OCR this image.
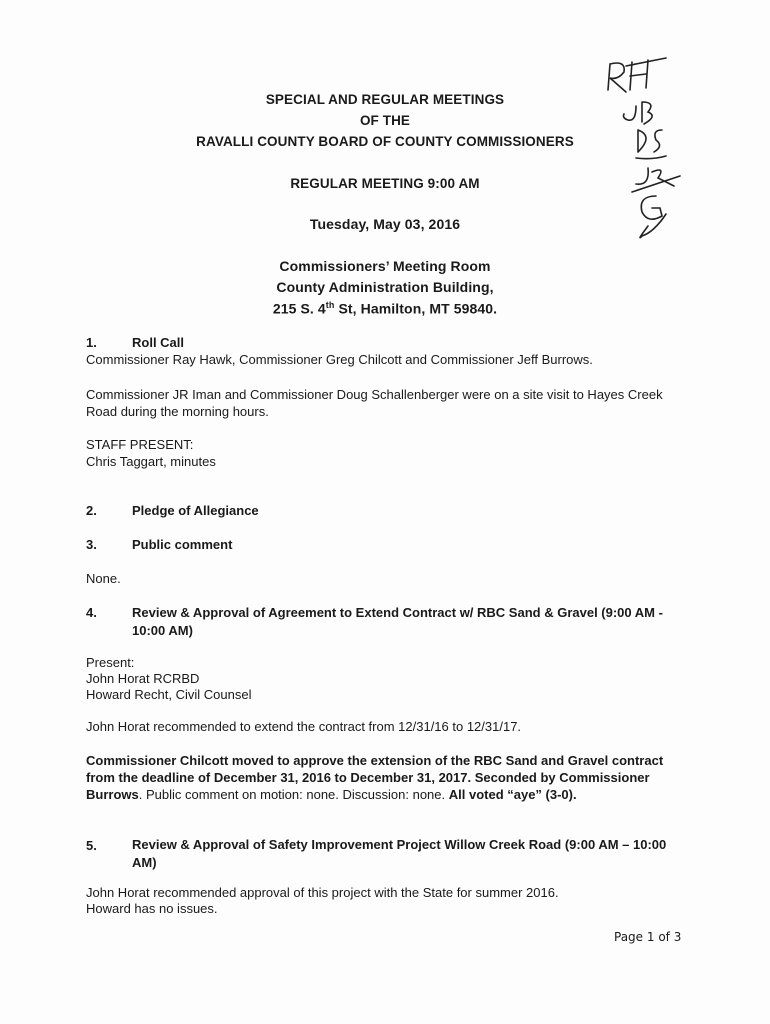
SPECIAL AND REGULAR MEETINGS
OF THE
RAVALLI COUNTY BOARD OF COUNTY COMMISSIONERS
REGULAR MEETING 9:00 AM
Tuesday, May 03, 2016
Commissioners’ Meeting Room
County Administration Building,
215 S. 4th St, Hamilton, MT 59840.
1.	Roll Call
Commissioner Ray Hawk, Commissioner Greg Chilcott and Commissioner Jeff Burrows.
Commissioner JR Iman and Commissioner Doug Schallenberger were on a site visit to Hayes Creek Road during the morning hours.
STAFF PRESENT:
Chris Taggart, minutes
2.	Pledge of Allegiance
3.	Public comment
None.
4.	Review & Approval of Agreement to Extend Contract w/ RBC Sand & Gravel (9:00 AM - 10:00 AM)
Present:
John Horat RCRBD
Howard Recht, Civil Counsel
John Horat recommended to extend the contract from 12/31/16 to 12/31/17.
Commissioner Chilcott moved to approve the extension of the RBC Sand and Gravel contract from the deadline of December 31, 2016 to December 31, 2017. Seconded by Commissioner Burrows. Public comment on motion: none. Discussion: none. All voted “aye” (3-0).
5.	Review & Approval of Safety Improvement Project Willow Creek Road (9:00 AM – 10:00 AM)
John Horat recommended approval of this project with the State for summer 2016.
Howard has no issues.
Page 1 of 3
